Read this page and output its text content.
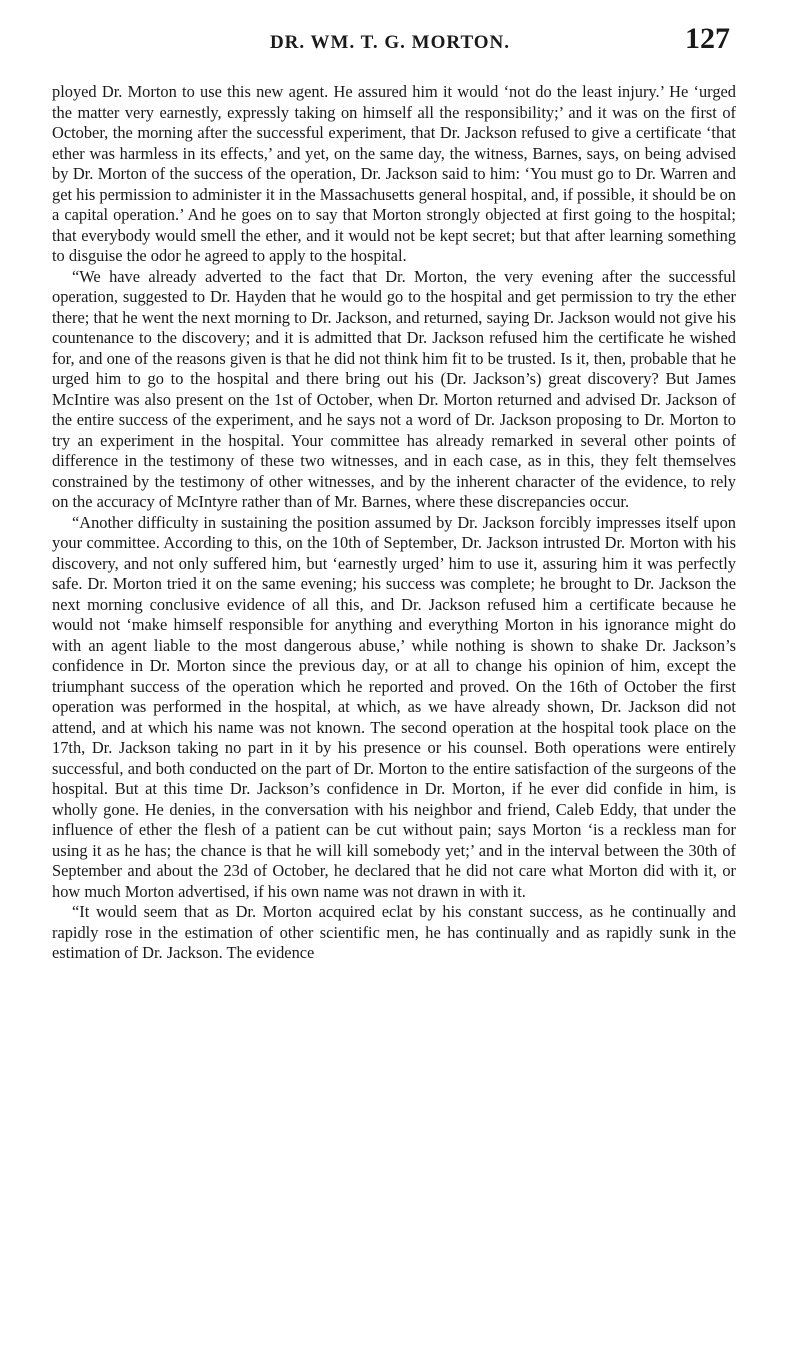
DR. WM. T. G. MORTON.	127

ployed Dr. Morton to use this new agent. He assured him it would ‘not do the least injury.’ He ‘urged the matter very earnestly, expressly taking on himself all the responsibility;’ and it was on the first of October, the morning after the successful experiment, that Dr. Jackson refused to give a certificate ‘that ether was harmless in its effects,’ and yet, on the same day, the witness, Barnes, says, on being advised by Dr. Morton of the success of the operation, Dr. Jackson said to him: ‘You must go to Dr. Warren and get his permission to administer it in the Massachusetts general hospital, and, if possible, it should be on a capital operation.’ And he goes on to say that Morton strongly objected at first going to the hospital; that everybody would smell the ether, and it would not be kept secret; but that after learning something to disguise the odor he agreed to apply to the hospital.

“We have already adverted to the fact that Dr. Morton, the very evening after the successful operation, suggested to Dr. Hayden that he would go to the hospital and get permission to try the ether there; that he went the next morning to Dr. Jackson, and returned, saying Dr. Jackson would not give his countenance to the discovery; and it is admitted that Dr. Jackson refused him the certificate he wished for, and one of the reasons given is that he did not think him fit to be trusted. Is it, then, probable that he urged him to go to the hospital and there bring out his (Dr. Jackson’s) great discovery? But James McIntire was also present on the 1st of October, when Dr. Morton returned and advised Dr. Jackson of the entire success of the experiment, and he says not a word of Dr. Jackson proposing to Dr. Morton to try an experiment in the hospital. Your committee has already remarked in several other points of difference in the testimony of these two witnesses, and in each case, as in this, they felt themselves constrained by the testimony of other witnesses, and by the inherent character of the evidence, to rely on the accuracy of McIntyre rather than of Mr. Barnes, where these discrepancies occur.

“Another difficulty in sustaining the position assumed by Dr. Jackson forcibly impresses itself upon your committee. According to this, on the 10th of September, Dr. Jackson intrusted Dr. Morton with his discovery, and not only suffered him, but ‘earnestly urged’ him to use it, assuring him it was perfectly safe. Dr. Morton tried it on the same evening; his success was complete; he brought to Dr. Jackson the next morning conclusive evidence of all this, and Dr. Jackson refused him a certificate because he would not ‘make himself responsible for anything and everything Morton in his ignorance might do with an agent liable to the most dangerous abuse,’ while nothing is shown to shake Dr. Jackson’s confidence in Dr. Morton since the previous day, or at all to change his opinion of him, except the triumphant success of the operation which he reported and proved. On the 16th of October the first operation was performed in the hospital, at which, as we have already shown, Dr. Jackson did not attend, and at which his name was not known. The second operation at the hospital took place on the 17th, Dr. Jackson taking no part in it by his presence or his counsel. Both operations were entirely successful, and both conducted on the part of Dr. Morton to the entire satisfaction of the surgeons of the hospital. But at this time Dr. Jackson’s confidence in Dr. Morton, if he ever did confide in him, is wholly gone. He denies, in the conversation with his neighbor and friend, Caleb Eddy, that under the influence of ether the flesh of a patient can be cut without pain; says Morton ‘is a reckless man for using it as he has; the chance is that he will kill somebody yet;’ and in the interval between the 30th of September and about the 23d of October, he declared that he did not care what Morton did with it, or how much Morton advertised, if his own name was not drawn in with it.

“It would seem that as Dr. Morton acquired eclat by his constant success, as he continually and rapidly rose in the estimation of other scientific men, he has continually and as rapidly sunk in the estimation of Dr. Jackson. The evidence
